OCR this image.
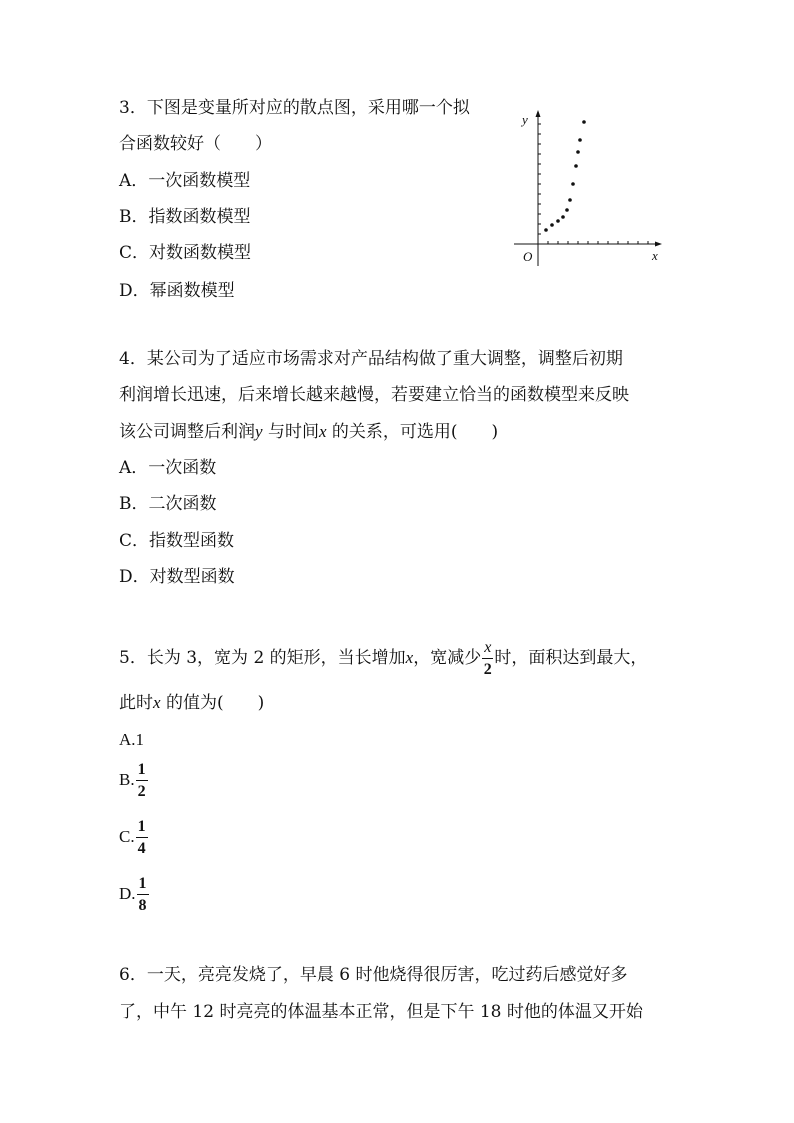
3．下图是变量所对应的散点图，采用哪一个拟
合函数较好（　　）
A．一次函数模型
B．指数函数模型
C．对数函数模型
D．幂函数模型
y
x
O
4．某公司为了适应市场需求对产品结构做了重大调整，调整后初期
利润增长迅速，后来增长越来越慢，若要建立恰当的函数模型来反映
该公司调整后利润y 与时间x 的关系，可选用(　　)
A．一次函数
B．二次函数
C．指数型函数
D．对数型函数
5．长为 3，宽为 2 的矩形，当长增加x，宽减少 $\frac{x}{2}$ 时，面积达到最大，
此时x 的值为(　　)
A.1
B. $\frac{1}{2}$
C. $\frac{1}{4}$
D. $\frac{1}{8}$
6．一天，亮亮发烧了，早晨 6 时他烧得很厉害，吃过药后感觉好多
了，中午 12 时亮亮的体温基本正常，但是下午 18 时他的体温又开始
